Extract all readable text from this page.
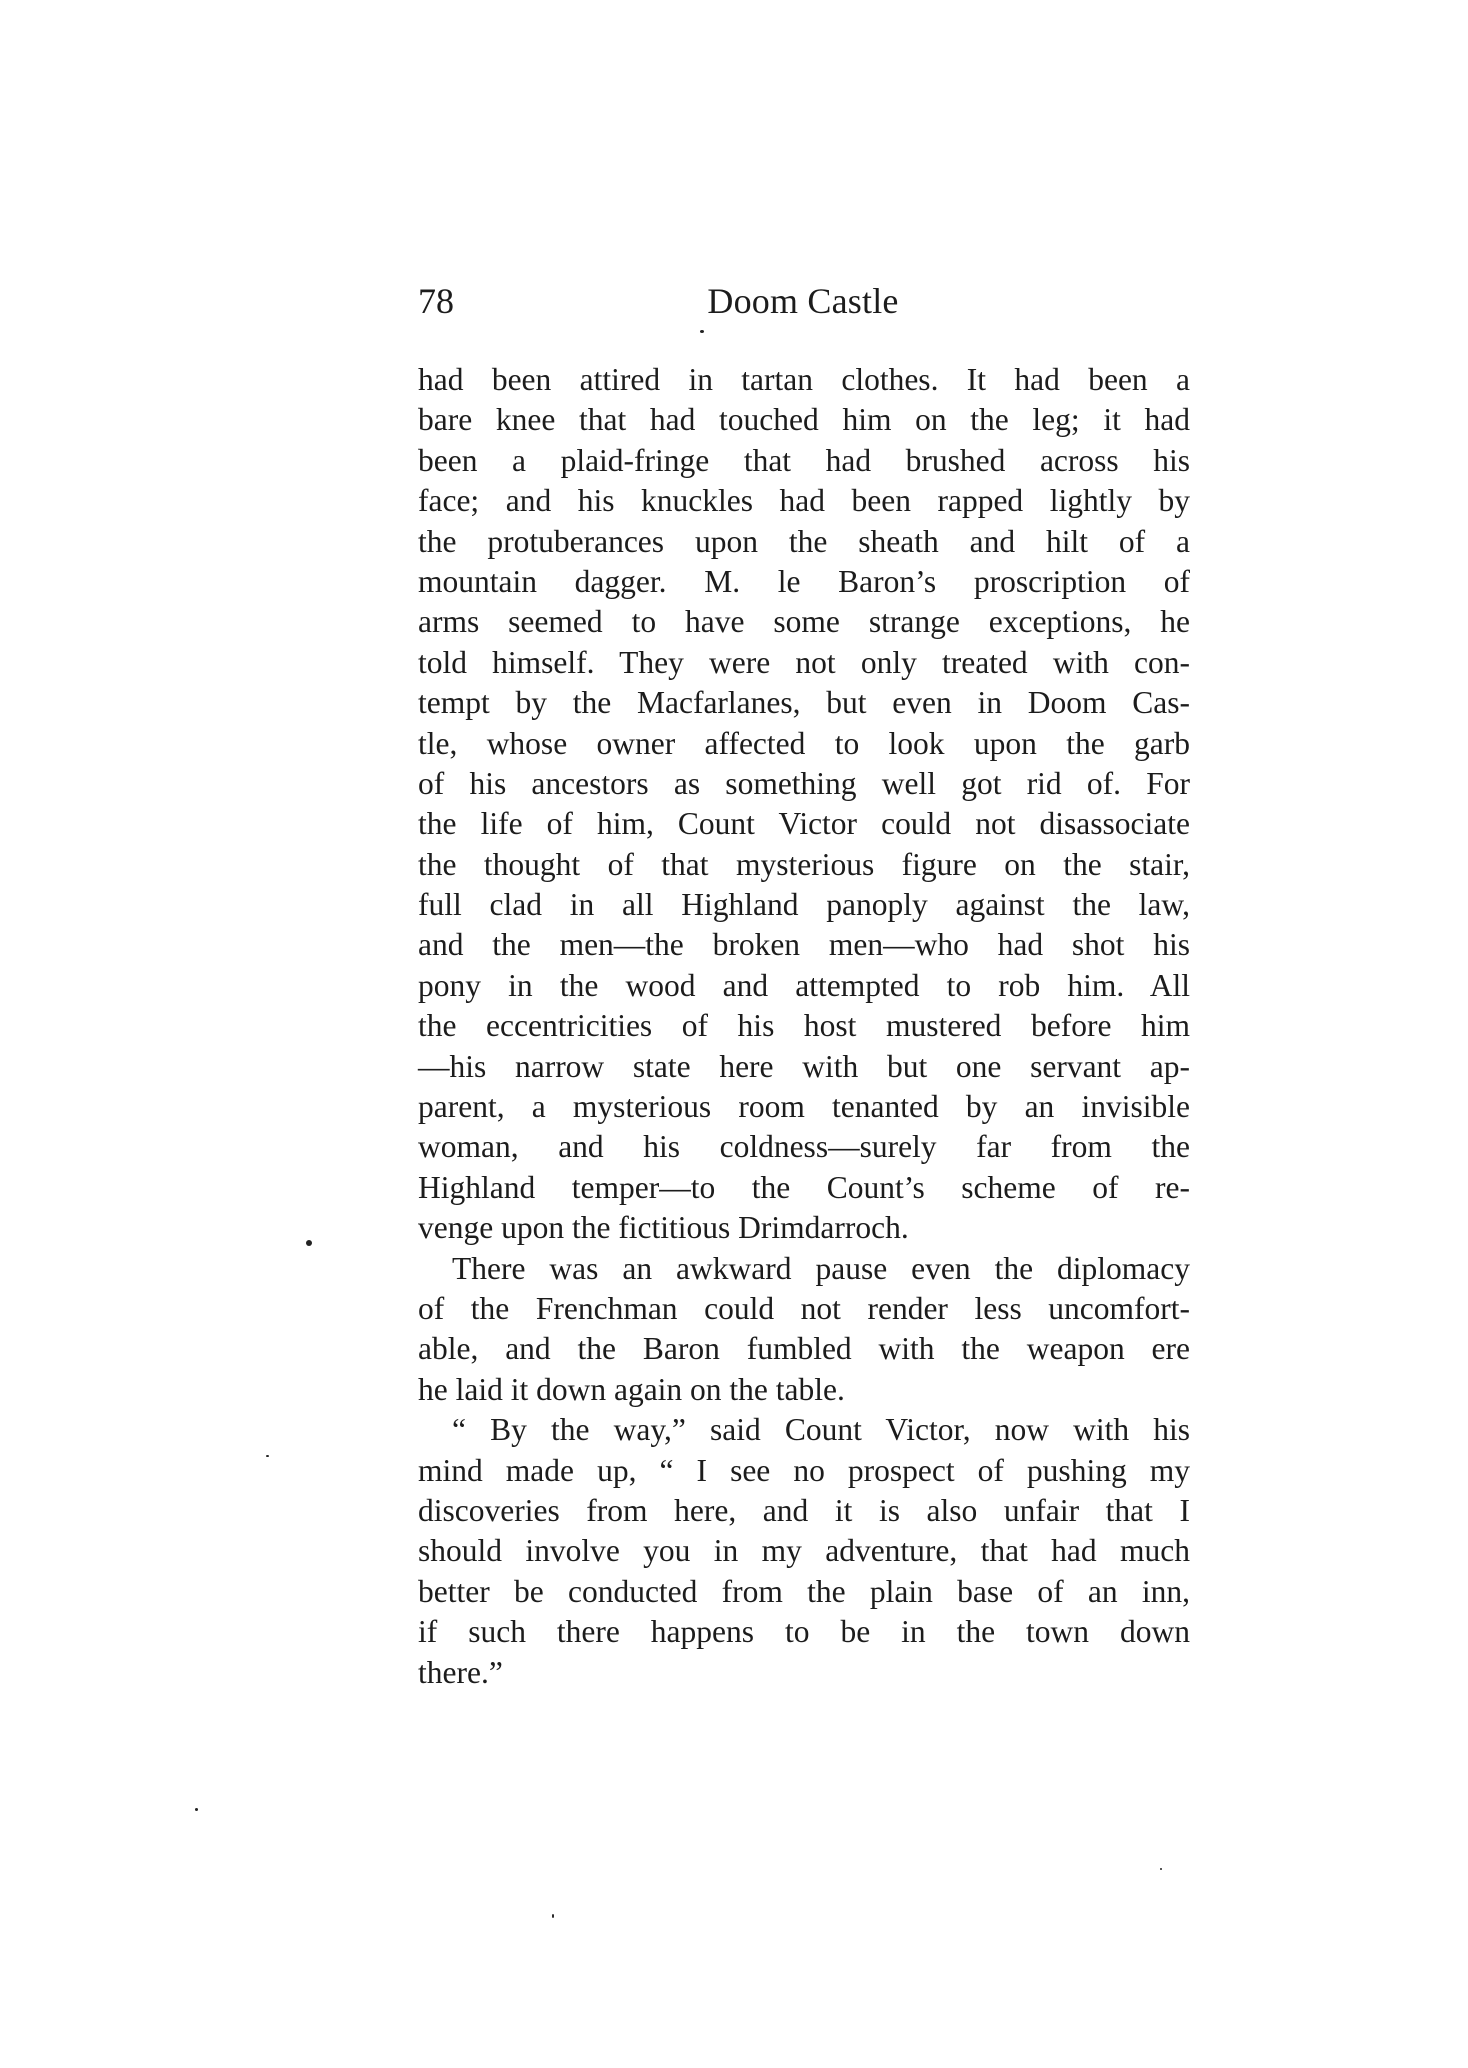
78	Doom Castle
had been attired in tartan clothes. It had been a
bare knee that had touched him on the leg; it had
been a plaid-fringe that had brushed across his
face; and his knuckles had been rapped lightly by
the protuberances upon the sheath and hilt of a
mountain dagger. M. le Baron’s proscription of
arms seemed to have some strange exceptions, he
told himself. They were not only treated with con-
tempt by the Macfarlanes, but even in Doom Cas-
tle, whose owner affected to look upon the garb
of his ancestors as something well got rid of. For
the life of him, Count Victor could not disassociate
the thought of that mysterious figure on the stair,
full clad in all Highland panoply against the law,
and the men—the broken men—who had shot his
pony in the wood and attempted to rob him. All
the eccentricities of his host mustered before him
—his narrow state here with but one servant ap-
parent, a mysterious room tenanted by an invisible
woman, and his coldness—surely far from the
Highland temper—to the Count’s scheme of re-
venge upon the fictitious Drimdarroch.
There was an awkward pause even the diplomacy
of the Frenchman could not render less uncomfort-
able, and the Baron fumbled with the weapon ere
he laid it down again on the table.
“ By the way,” said Count Victor, now with his
mind made up, “ I see no prospect of pushing my
discoveries from here, and it is also unfair that I
should involve you in my adventure, that had much
better be conducted from the plain base of an inn,
if such there happens to be in the town down
there.”
